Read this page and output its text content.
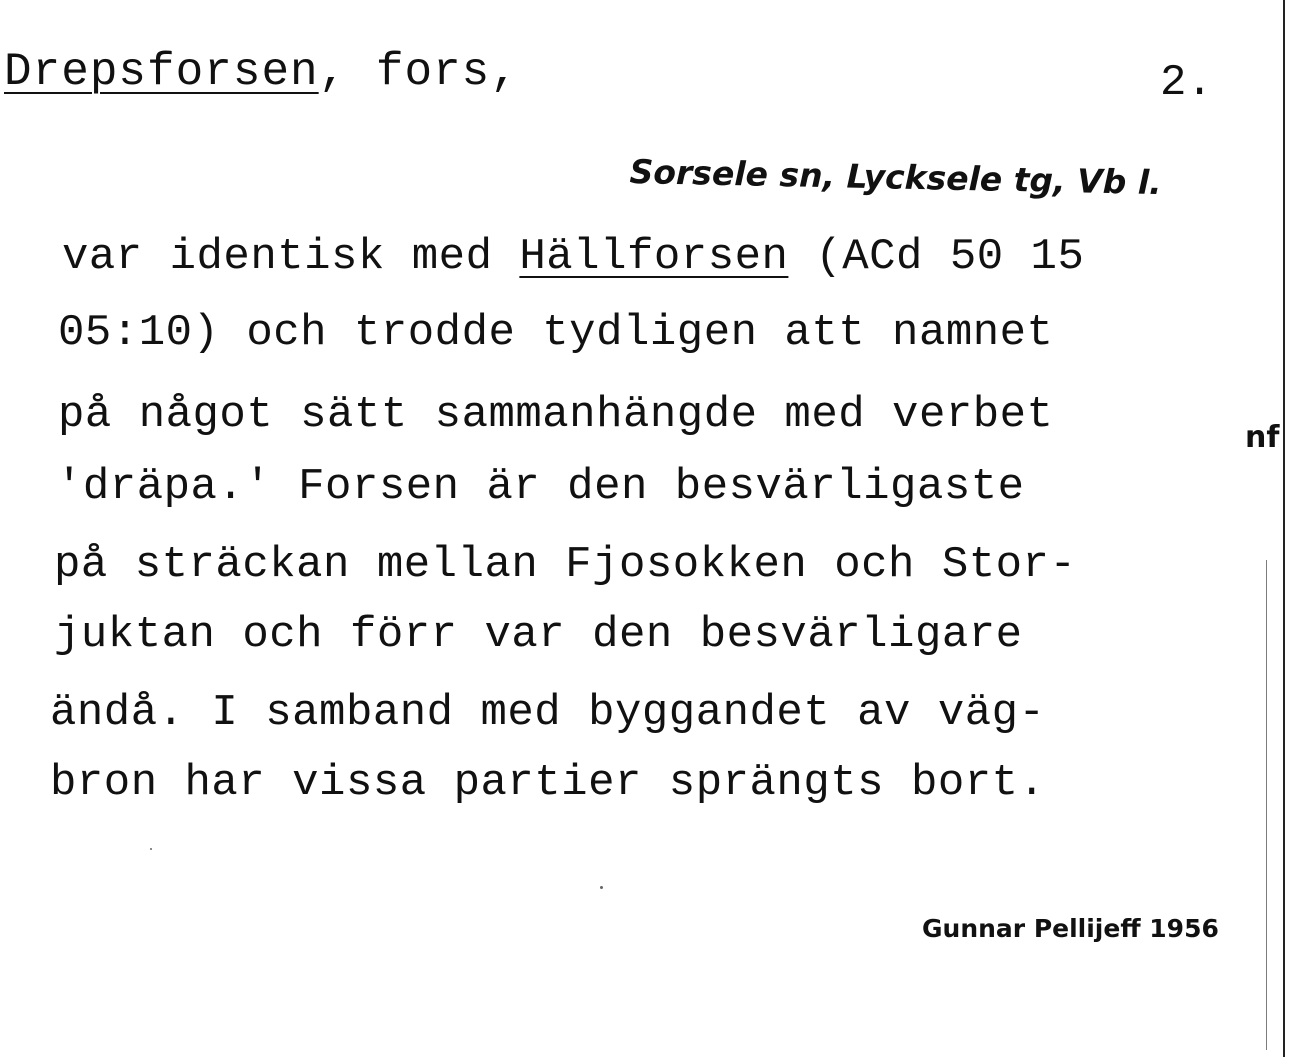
Drepsforsen, fors,	2.
Sorsele sn, Lycksele tg, Vb l.
var identisk med Hällforsen (ACd 50 15
05:10) och trodde tydligen att namnet
på något sätt sammanhängde med verbet
'dräpa.' Forsen är den besvärligaste
på sträckan mellan Fjosokken och Stor-
juktan och förr var den besvärligare
ändå. I samband med byggandet av väg-
bron har vissa partier sprängts bort.
nf
Gunnar Pellijeff 1956
